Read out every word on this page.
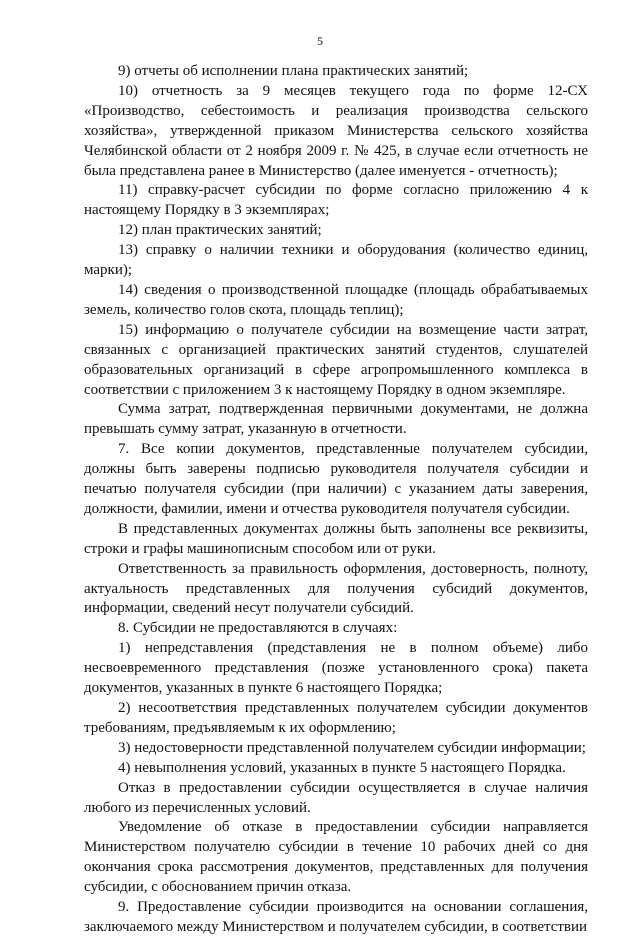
5

9) отчеты об исполнении плана практических занятий;

10) отчетность за 9 месяцев текущего года по форме 12-СХ «Производство, себестоимость и реализация производства сельского хозяйства», утвержденной приказом Министерства сельского хозяйства Челябинской области от 2 ноября 2009 г. № 425, в случае если отчетность не была представлена ранее в Министерство (далее именуется - отчетность);

11) справку-расчет субсидии по форме согласно приложению 4 к настоящему Порядку в 3 экземплярах;

12) план практических занятий;

13) справку о наличии техники и оборудования (количество единиц, марки);

14) сведения о производственной площадке (площадь обрабатываемых земель, количество голов скота, площадь теплиц);

15) информацию о получателе субсидии на возмещение части затрат, связанных с организацией практических занятий студентов, слушателей образовательных организаций в сфере агропромышленного комплекса в соответствии с приложением 3 к настоящему Порядку в одном экземпляре.

Сумма затрат, подтвержденная первичными документами, не должна превышать сумму затрат, указанную в отчетности.

7. Все копии документов, представленные получателем субсидии, должны быть заверены подписью руководителя получателя субсидии и печатью получателя субсидии (при наличии) с указанием даты заверения, должности, фамилии, имени и отчества руководителя получателя субсидии.

В представленных документах должны быть заполнены все реквизиты, строки и графы машинописным способом или от руки.

Ответственность за правильность оформления, достоверность, полноту, актуальность представленных для получения субсидий документов, информации, сведений несут получатели субсидий.

8. Субсидии не предоставляются в случаях:

1) непредставления (представления не в полном объеме) либо несвоевременного представления (позже установленного срока) пакета документов, указанных в пункте 6 настоящего Порядка;

2) несоответствия представленных получателем субсидии документов требованиям, предъявляемым к их оформлению;

3) недостоверности представленной получателем субсидии информации;

4) невыполнения условий, указанных в пункте 5 настоящего Порядка.

Отказ в предоставлении субсидии осуществляется в случае наличия любого из перечисленных условий.

Уведомление об отказе в предоставлении субсидии направляется Министерством получателю субсидии в течение 10 рабочих дней со дня окончания срока рассмотрения документов, представленных для получения субсидии, с обоснованием причин отказа.

9. Предоставление субсидии производится на основании соглашения, заключаемого между Министерством и получателем субсидии, в соответствии
